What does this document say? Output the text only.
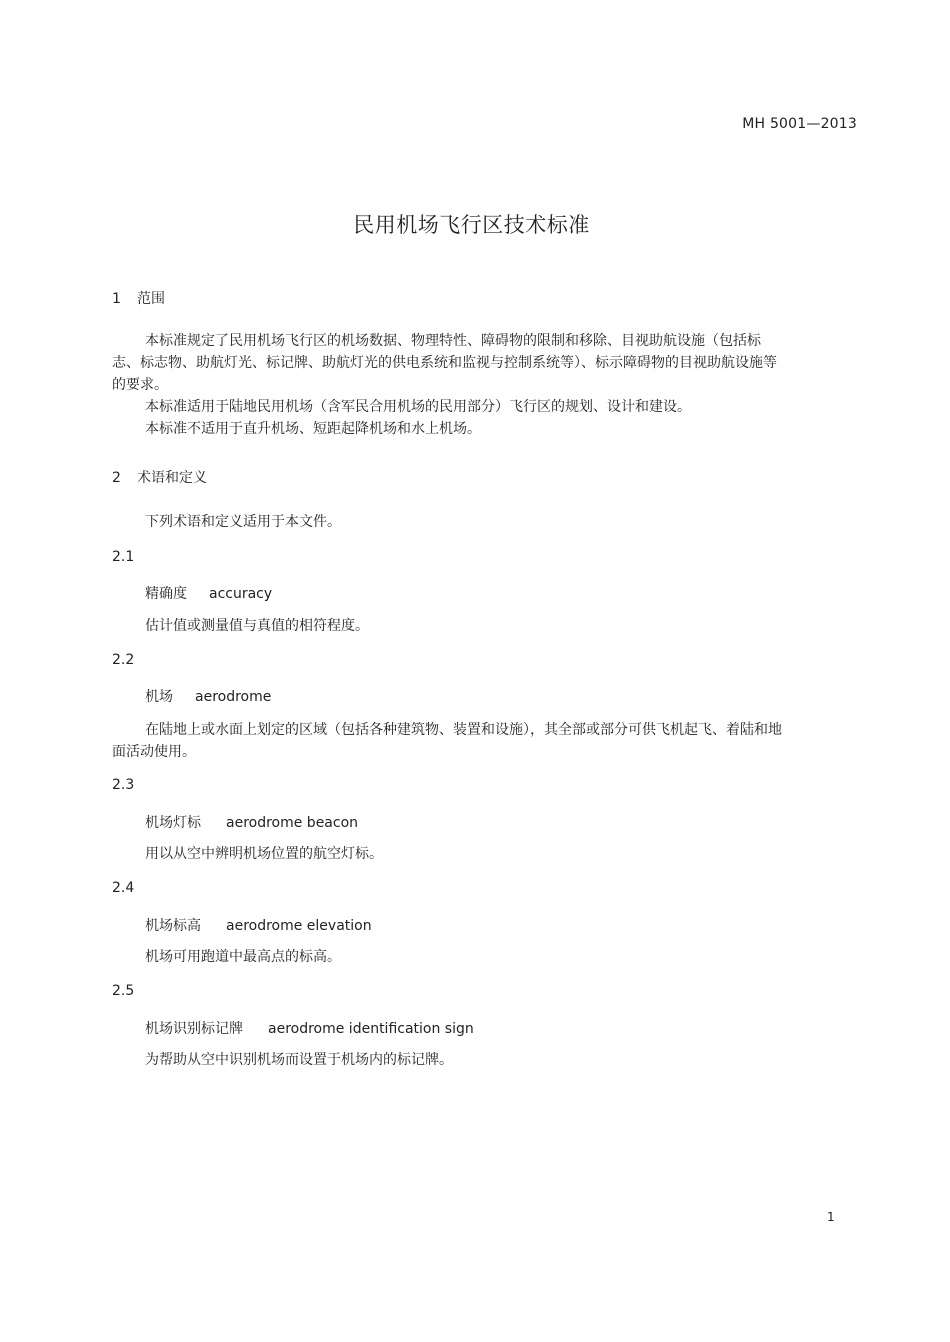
MH 5001—2013
民用机场飞行区技术标准
1 范围

本标准规定了民用机场飞行区的机场数据、物理特性、障碍物的限制和移除、目视助航设施（包括标志、标志物、助航灯光、标记牌、助航灯光的供电系统和监视与控制系统等）、标示障碍物的目视助航设施等的要求。

本标准适用于陆地民用机场（含军民合用机场的民用部分）飞行区的规划、设计和建设。

本标准不适用于直升机场、短距起降机场和水上机场。

2 术语和定义

下列术语和定义适用于本文件。

2.1
精确度 accuracy

估计值或测量值与真值的相符程度。

2.2
机场 aerodrome

在陆地上或水面上划定的区域（包括各种建筑物、装置和设施），其全部或部分可供飞机起飞、着陆和地面活动使用。

2.3
机场灯标 aerodrome beacon

用以从空中辨明机场位置的航空灯标。

2.4
机场标高 aerodrome elevation

机场可用跑道中最高点的标高。

2.5
机场识别标记牌 aerodrome identification sign

为帮助从空中识别机场而设置于机场内的标记牌。

1
